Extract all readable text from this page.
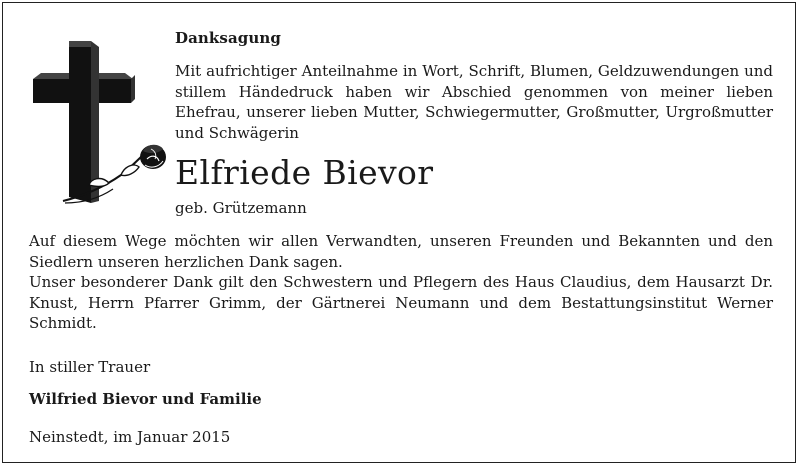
Danksagung
Mit aufrichtiger Anteilnahme in Wort, Schrift, Blumen, Geldzuwendungen und stillem Händedruck haben wir Abschied genommen von meiner lieben Ehefrau, unserer lieben Mutter, Schwiegermutter, Großmutter, Urgroßmutter und Schwägerin
Elfriede Bievor
geb. Grützemann

Auf diesem Wege möchten wir allen Verwandten, unseren Freunden und Bekannten und den Siedlern unseren herzlichen Dank sagen.

Unser besonderer Dank gilt den Schwestern und Pflegern des Haus Claudius, dem Hausarzt Dr. Knust, Herrn Pfarrer Grimm, der Gärtnerei Neumann und dem Bestattungsinstitut Werner Schmidt.

In stiller Trauer
Wilfried Bievor und Familie
Neinstedt, im Januar 2015
